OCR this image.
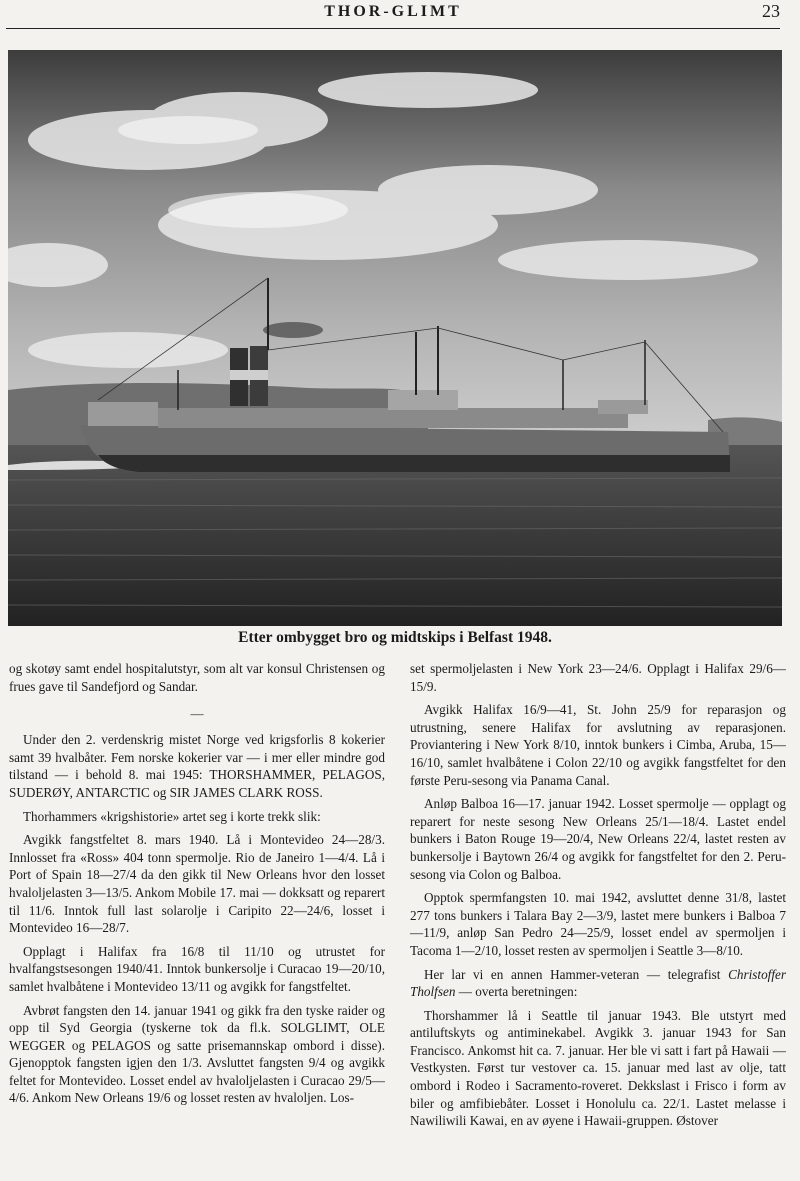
THOR-GLIMT	23
Etter ombygget bro og midtskips i Belfast 1948.

og skotøy samt endel hospitalutstyr, som alt var konsul Christensen og frues gave til Sandefjord og Sandar.

—

Under den 2. verdenskrig mistet Norge ved krigsforlis 8 kokerier samt 39 hvalbåter. Fem norske kokerier var — i mer eller mindre god tilstand — i behold 8. mai 1945: THORSHAMMER, PELAGOS, SUDERØY, ANTARCTIC og SIR JAMES CLARK ROSS.

Thorhammers «krigshistorie» artet seg i korte trekk slik:

Avgikk fangstfeltet 8. mars 1940. Lå i Montevideo 24—28/3. Innlosset fra «Ross» 404 tonn spermolje. Rio de Janeiro 1—4/4. Lå i Port of Spain 18—27/4 da den gikk til New Orleans hvor den losset hvaloljelasten 3—13/5. Ankom Mobile 17. mai — dokksatt og reparert til 11/6. Inntok full last solarolje i Caripito 22—24/6, losset i Montevideo 16—28/7.

Opplagt i Halifax fra 16/8 til 11/10 og utrustet for hvalfangstsesongen 1940/41. Inntok bunkersolje i Curacao 19—20/10, samlet hvalbåtene i Montevideo 13/11 og avgikk for fangstfeltet.

Avbrøt fangsten den 14. januar 1941 og gikk fra den tyske raider og opp til Syd Georgia (tyskerne tok da fl.k. SOLGLIMT, OLE WEGGER og PELAGOS og satte prisemannskap ombord i disse). Gjenopptok fangsten igjen den 1/3. Avsluttet fangsten 9/4 og avgikk feltet for Montevideo. Losset endel av hvaloljelasten i Curacao 29/5—4/6. Ankom New Orleans 19/6 og losset resten av hvaloljen. Los-

set spermoljelasten i New York 23—24/6. Opplagt i Halifax 29/6—15/9.

Avgikk Halifax 16/9—41, St. John 25/9 for reparasjon og utrustning, senere Halifax for avslutning av reparasjonen. Proviantering i New York 8/10, inntok bunkers i Cimba, Aruba, 15—16/10, samlet hvalbåtene i Colon 22/10 og avgikk fangstfeltet for den første Peru-sesong via Panama Canal.

Anløp Balboa 16—17. januar 1942. Losset spermolje — opplagt og reparert for neste sesong New Orleans 25/1—18/4. Lastet endel bunkers i Baton Rouge 19—20/4, New Orleans 22/4, lastet resten av bunkersolje i Baytown 26/4 og avgikk for fangstfeltet for den 2. Peru-sesong via Colon og Balboa.

Opptok spermfangsten 10. mai 1942, avsluttet denne 31/8, lastet 277 tons bunkers i Talara Bay 2—3/9, lastet mere bunkers i Balboa 7—11/9, anløp San Pedro 24—25/9, losset endel av spermoljen i Tacoma 1—2/10, losset resten av spermoljen i Seattle 3—8/10.

Her lar vi en annen Hammer-veteran — telegrafist Christoffer Tholfsen — overta beretningen:

Thorshammer lå i Seattle til januar 1943. Ble utstyrt med antiluftskyts og antiminekabel. Avgikk 3. januar 1943 for San Francisco. Ankomst hit ca. 7. januar. Her ble vi satt i fart på Hawaii — Vestkysten. Først tur vestover ca. 15. januar med last av olje, tatt ombord i Rodeo i Sacramento-roveret. Dekkslast i Frisco i form av biler og amfibiebåter. Losset i Honolulu ca. 22/1. Lastet melasse i Nawiliwili Kawai, en av øyene i Hawaii-gruppen. Østover
